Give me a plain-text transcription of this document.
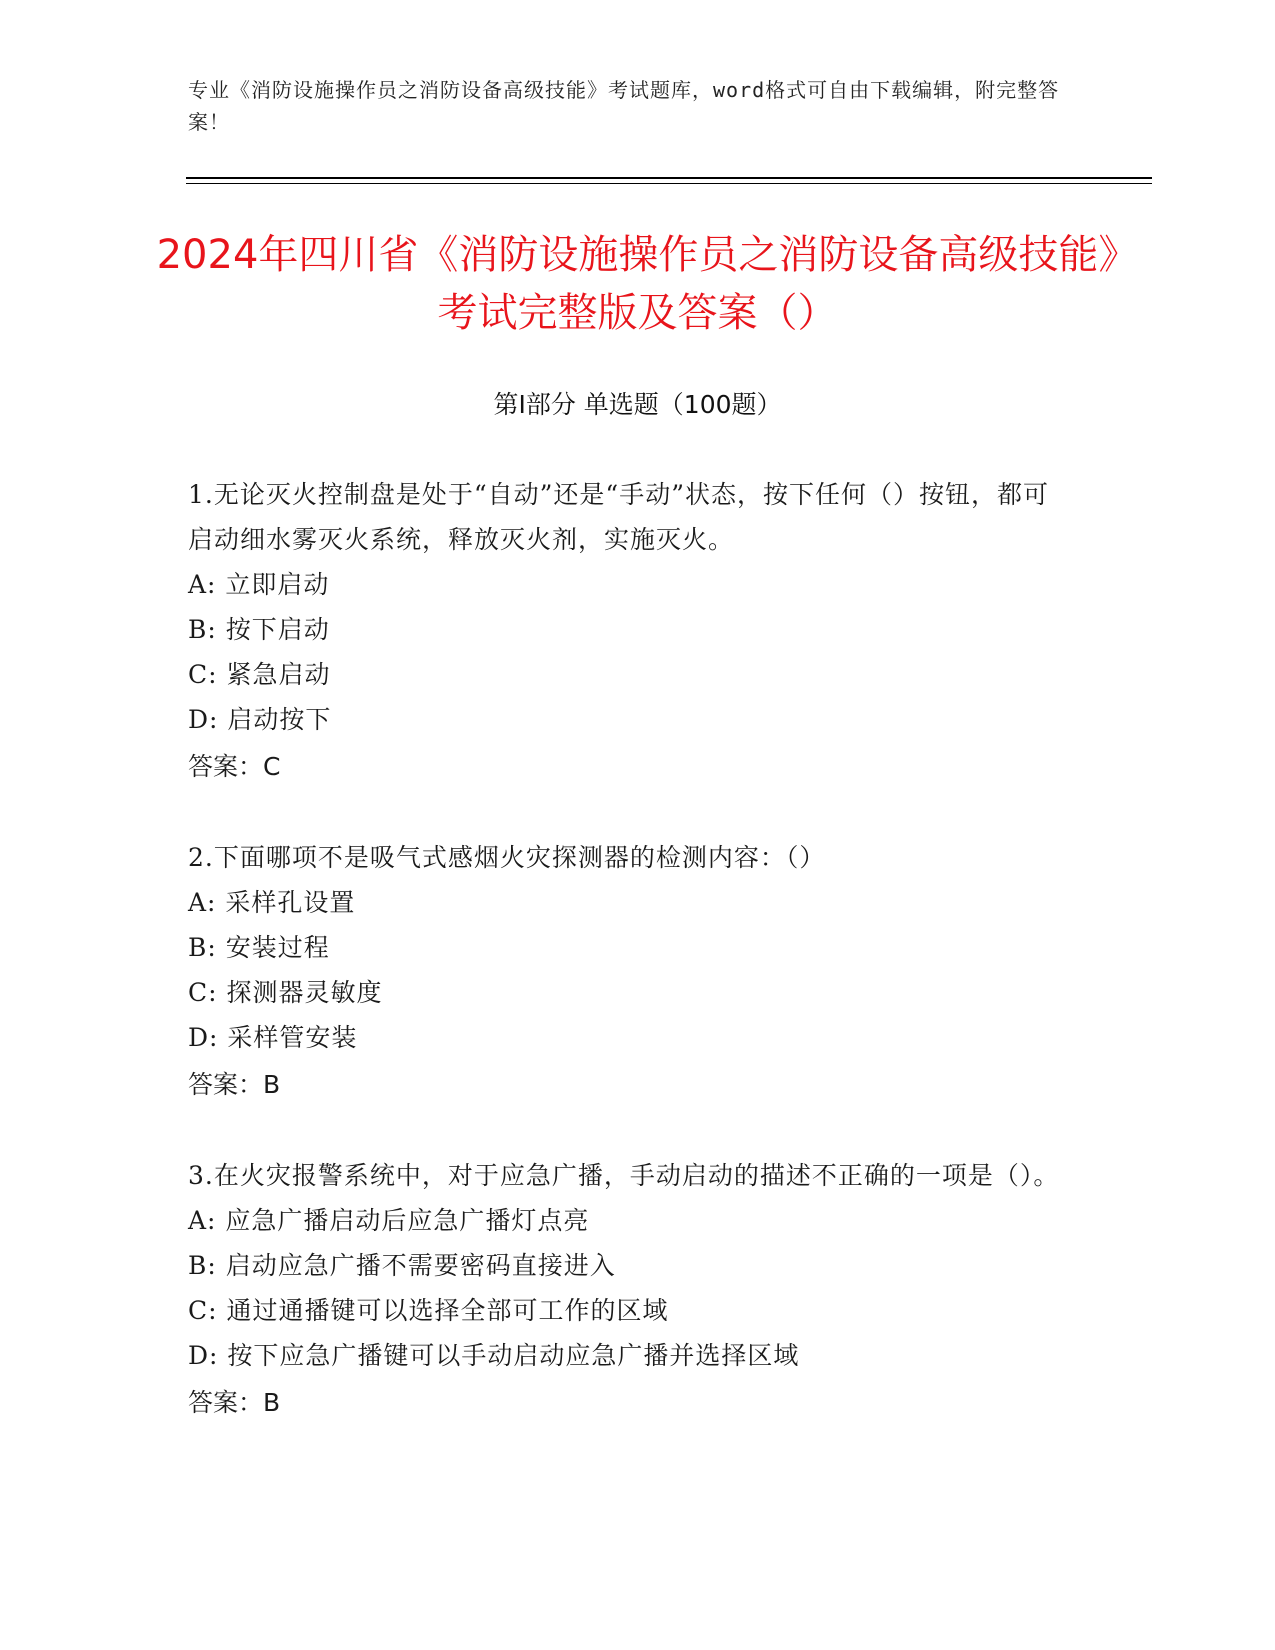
专业《消防设施操作员之消防设备高级技能》考试题库，word格式可自由下载编辑，附完整答案！
2024年四川省《消防设施操作员之消防设备高级技能》考试完整版及答案（）
第I部分 单选题（100题）
1.无论灭火控制盘是处于“自动”还是“手动”状态，按下任何（）按钮，都可启动细水雾灭火系统，释放灭火剂，实施灭火。
A: 立即启动
B: 按下启动
C: 紧急启动
D: 启动按下
答案：C
2.下面哪项不是吸气式感烟火灾探测器的检测内容：（）
A: 采样孔设置
B: 安装过程
C: 探测器灵敏度
D: 采样管安装
答案：B
3.在火灾报警系统中，对于应急广播，手动启动的描述不正确的一项是（）。
A: 应急广播启动后应急广播灯点亮
B: 启动应急广播不需要密码直接进入
C: 通过通播键可以选择全部可工作的区域
D: 按下应急广播键可以手动启动应急广播并选择区域
答案：B
